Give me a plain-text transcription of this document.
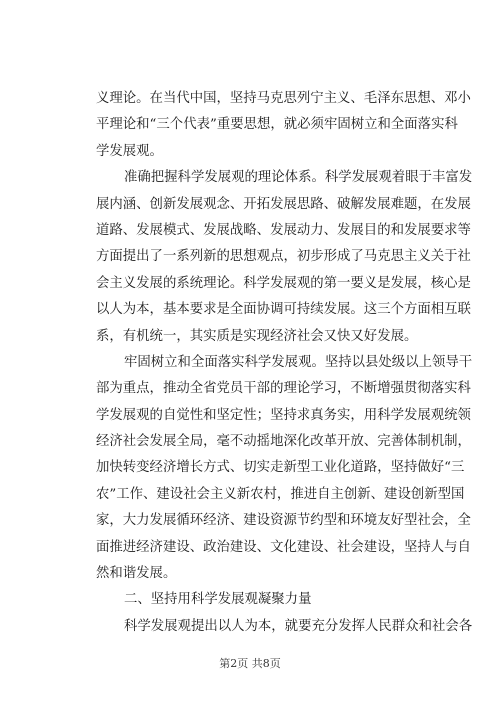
义理论。在当代中国，坚持马克思列宁主义、毛泽东思想、邓小
平理论和“三个代表”重要思想，就必须牢固树立和全面落实科
学发展观。
准确把握科学发展观的理论体系。科学发展观着眼于丰富发
展内涵、创新发展观念、开拓发展思路、破解发展难题，在发展
道路、发展模式、发展战略、发展动力、发展目的和发展要求等
方面提出了一系列新的思想观点，初步形成了马克思主义关于社
会主义发展的系统理论。科学发展观的第一要义是发展，核心是
以人为本，基本要求是全面协调可持续发展。这三个方面相互联
系，有机统一，其实质是实现经济社会又快又好发展。
牢固树立和全面落实科学发展观。坚持以县处级以上领导干
部为重点，推动全省党员干部的理论学习，不断增强贯彻落实科
学发展观的自觉性和坚定性；坚持求真务实，用科学发展观统领
经济社会发展全局，毫不动摇地深化改革开放、完善体制机制，
加快转变经济增长方式、切实走新型工业化道路，坚持做好“三
农”工作、建设社会主义新农村，推进自主创新、建设创新型国
家，大力发展循环经济、建设资源节约型和环境友好型社会，全
面推进经济建设、政治建设、文化建设、社会建设，坚持人与自
然和谐发展。
二、坚持用科学发展观凝聚力量
科学发展观提出以人为本，就要充分发挥人民群众和社会各
第2页 共8页
